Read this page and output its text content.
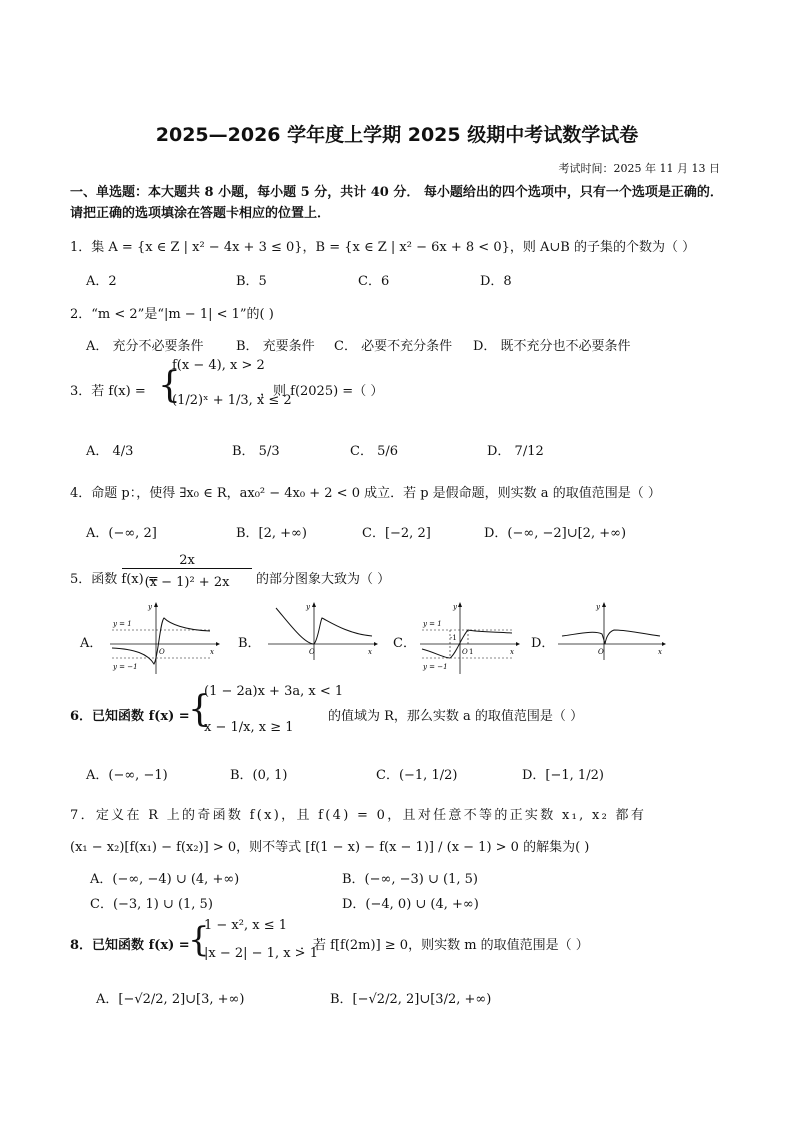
2025—2026 学年度上学期 2025 级期中考试数学试卷
考试时间：2025 年 11 月 13 日
一、单选题：本大题共 8 小题，每小题 5 分，共计 40 分． 每小题给出的四个选项中，只有一个选项是正确的．请把正确的选项填涂在答题卡相应的位置上．
1．集 A = {x ∈ Z | x² − 4x + 3 ≤ 0}，B = {x ∈ Z | x² − 6x + 8 < 0}，则 A∪B 的子集的个数为（ ）
A．2	B．5	C．6	D．8
2．“m < 2”是“|m − 1| < 1”的( )
A． 充分不必要条件 B． 充要条件 C． 必要不充分条件 D． 既不充分也不必要条件
3．若 f(x) = {
f(x − 4), x > 2
(1/2)ˣ + 1/3, x ≤ 2
，则 f(2025) =（ ）
A． 4/3	B． 5/3	C． 5/6	D． 7/12
4．命题 p：，使得 ∃x₀ ∈ R，ax₀² − 4x₀ + 2 < 0 成立．若 p 是假命题，则实数 a 的取值范围是（ ）
A．(−∞, 2]	B．[2, +∞)	C．[−2, 2]	D．(−∞, −2]∪[2, +∞)
5．函数 f(x) =
2x
(x − 1)² + 2x	的部分图象大致为（ ）
A．	B．	C．	D．
y = 1
y = −1
O	x
y
O	x
y
y = 1
y = −1
-1
O 1	x
y
O	x
y
6．已知函数 f(x) =
{
(1 − 2a)x + 3a, x < 1
x − 1/x, x ≥ 1
的值域为 R，那么实数 a 的取值范围是（ ）
A．(−∞, −1)	B．(0, 1)	C．(−1, 1/2)	D．[−1, 1/2)
7．定义在 R 上的奇函数 f(x)，且 f(4) = 0，且对任意不等的正实数 x₁, x₂ 都有
(x₁ − x₂)[f(x₁) − f(x₂)] > 0，则不等式 [f(1 − x) − f(x − 1)] / (x − 1) > 0 的解集为( )
A．(−∞, −4) ∪ (4, +∞)	B．(−∞, −3) ∪ (1, 5)
C．(−3, 1) ∪ (1, 5)	D．(−4, 0) ∪ (4, +∞)
8．已知函数 f(x) =
{
1 − x², x ≤ 1
|x − 2| − 1, x > 1
．若 f[f(2m)] ≥ 0，则实数 m 的取值范围是（ ）
A．[−√2/2, 2]∪[3, +∞)	B．[−√2/2, 2]∪[3/2, +∞)
